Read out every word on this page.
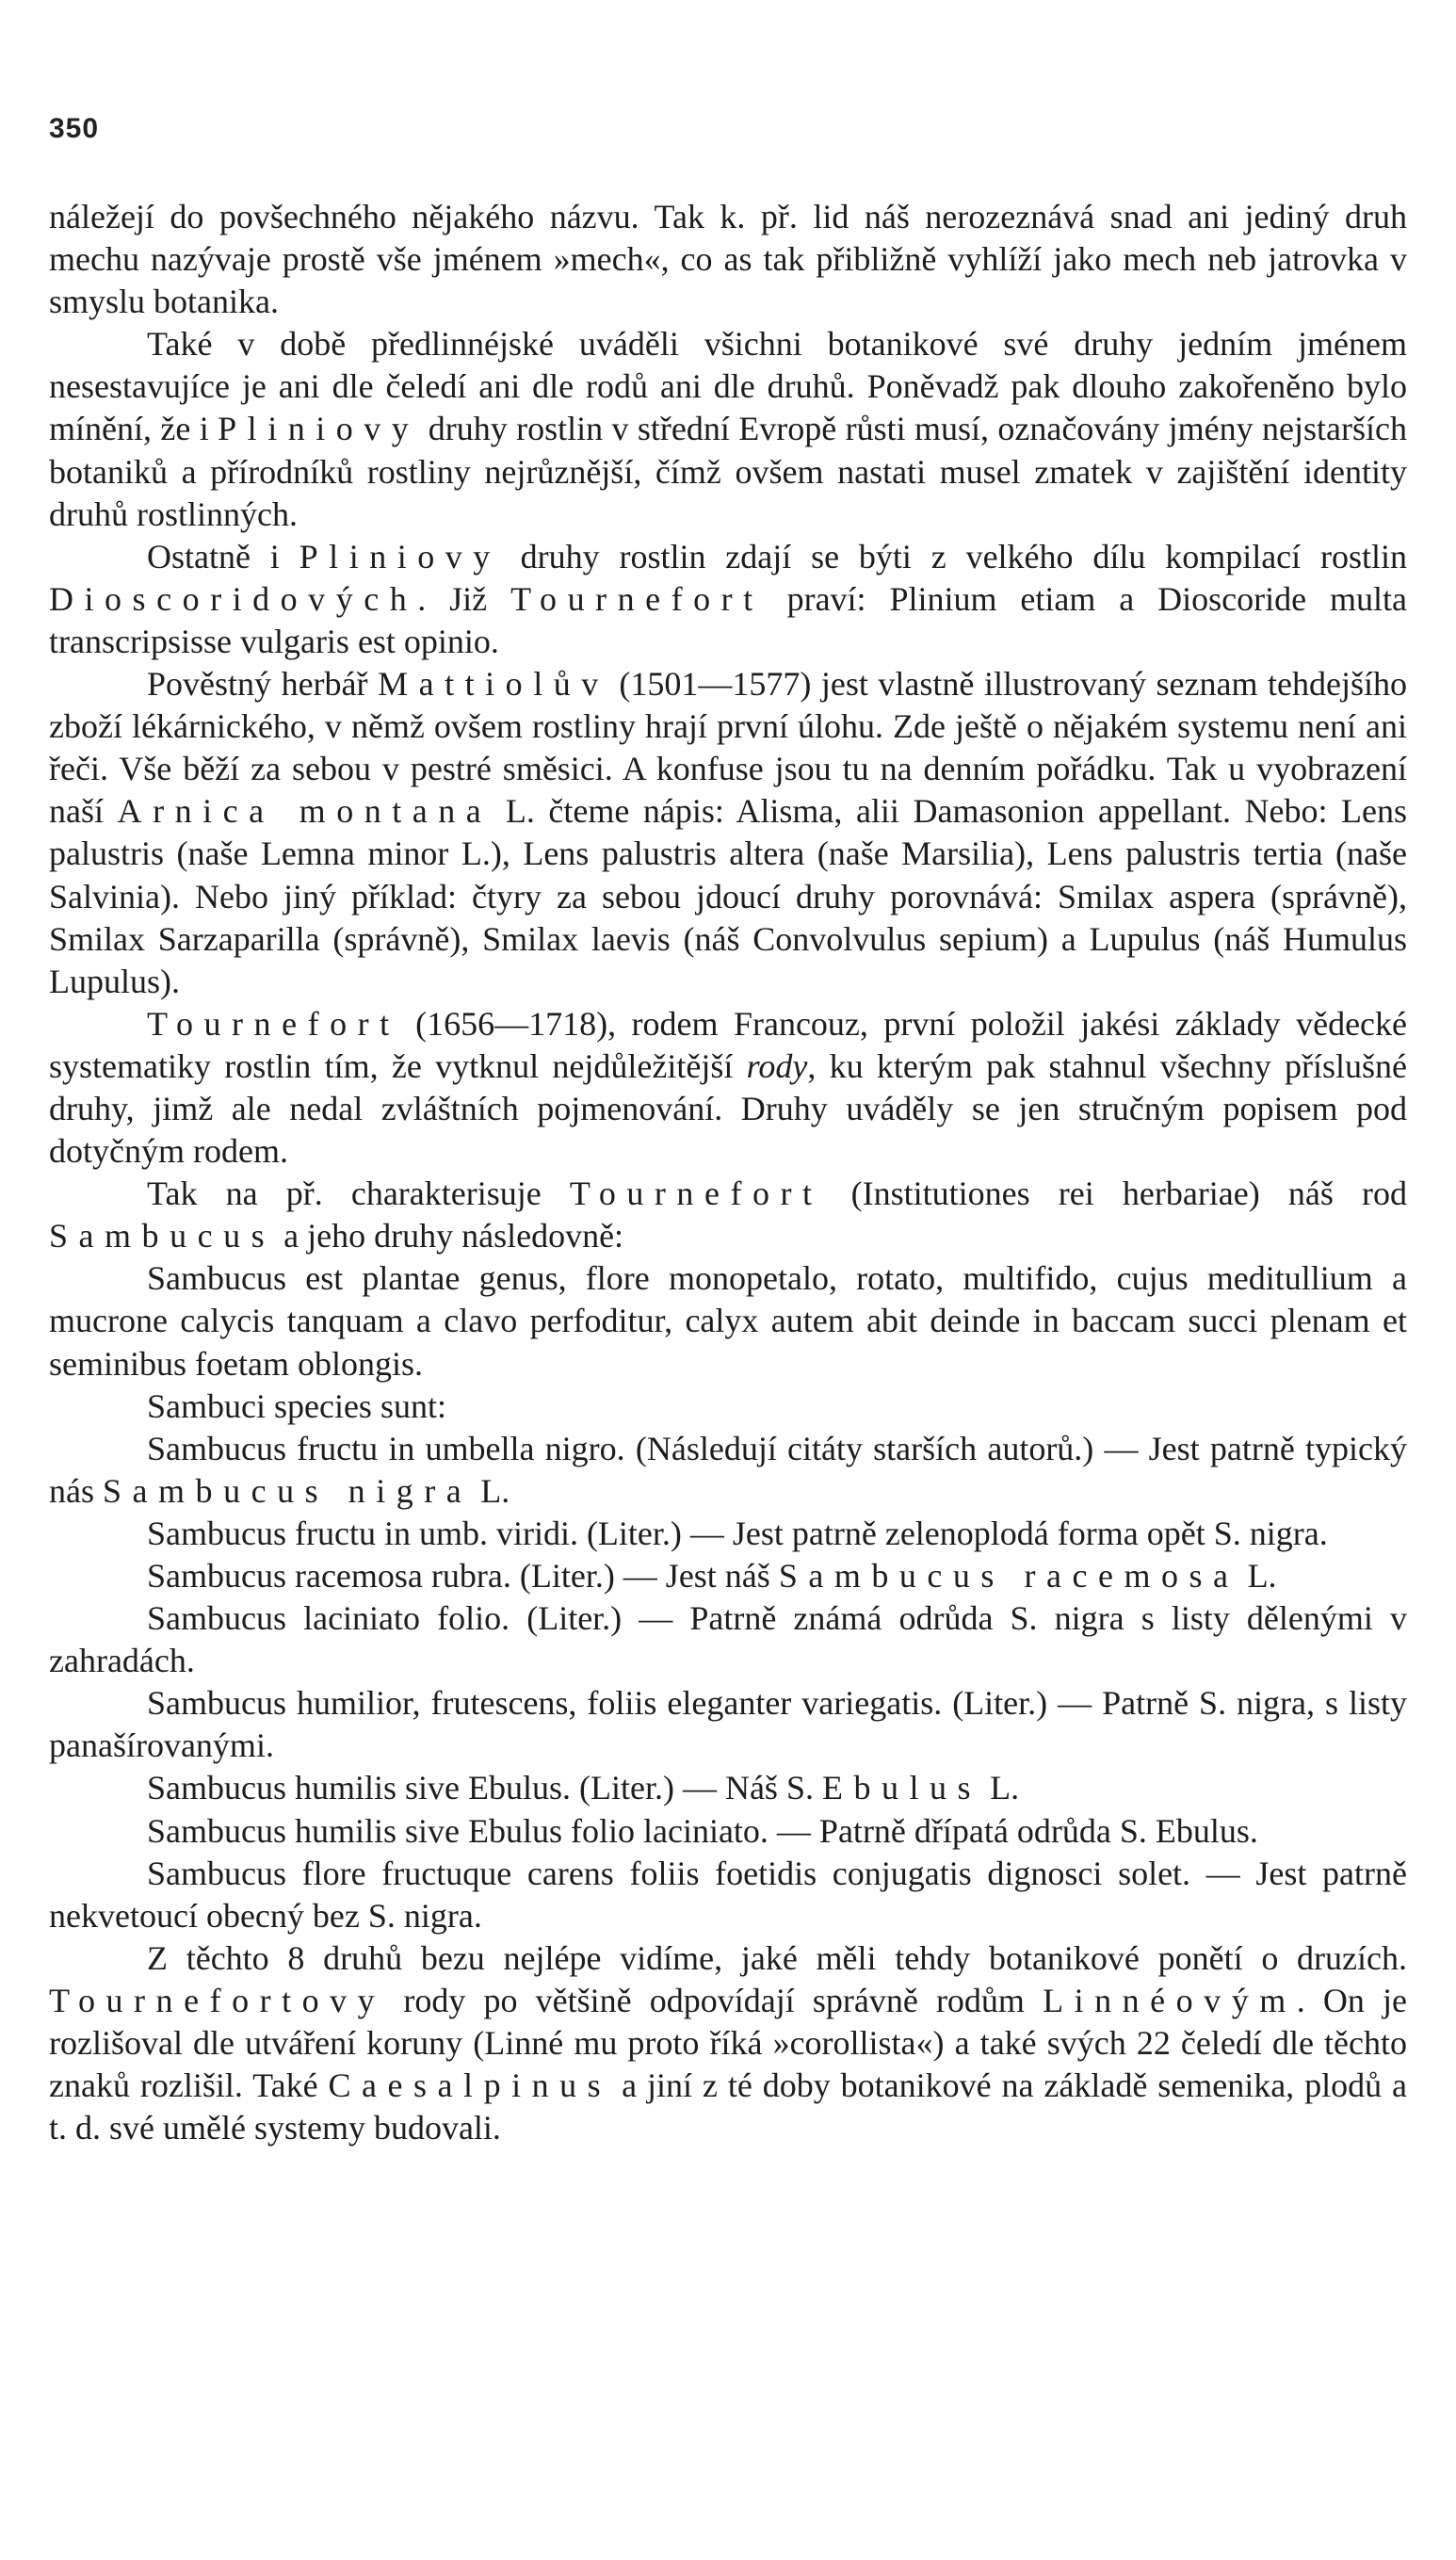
350

náležejí do povšechného nějakého názvu. Tak k. př. lid náš nerozeznává snad ani jediný druh mechu nazývaje prostě vše jménem »mech«, co as tak přibližně vyhlíží jako mech neb jatrovka v smyslu botanika.

Také v době předlinnéjské uváděli všichni botanikové své druhy jedním jménem nesestavujíce je ani dle čeledí ani dle rodů ani dle druhů. Poněvadž pak dlouho zakořeněno bylo mínění, že i Pliniovy druhy rostlin v střední Evropě růsti musí, označovány jmény nejstarších botaniků a přírodníků rostliny nejrůznější, čímž ovšem nastati musel zmatek v zajištění identity druhů rostlinných.

Ostatně i Pliniovy druhy rostlin zdají se býti z velkého dílu kompilací rostlin Dioscoridových. Již Tournefort praví: Plinium etiam a Dioscoride multa transcripsisse vulgaris est opinio.

Pověstný herbář Mattiolův (1501—1577) jest vlastně illustrovaný seznam tehdejšího zboží lékárnického, v němž ovšem rostliny hrají první úlohu. Zde ještě o nějakém systemu není ani řeči. Vše běží za sebou v pestré směsici. A konfuse jsou tu na denním pořádku. Tak u vyobrazení naší Arnica montana L. čteme nápis: Alisma, alii Damasonion appellant. Nebo: Lens palustris (naše Lemna minor L.), Lens palustris altera (naše Marsilia), Lens palustris tertia (naše Salvinia). Nebo jiný příklad: čtyry za sebou jdoucí druhy porovnává: Smilax aspera (správně), Smilax Sarzaparilla (správně), Smilax laevis (náš Convolvulus sepium) a Lupulus (náš Humulus Lupulus).

Tournefort (1656—1718), rodem Francouz, první položil jakési základy vědecké systematiky rostlin tím, že vytknul nejdůležitější rody, ku kterým pak stahnul všechny příslušné druhy, jimž ale nedal zvláštních pojmenování. Druhy uváděly se jen stručným popisem pod dotyčným rodem.

Tak na př. charakterisuje Tournefort (Institutiones rei herbariae) náš rod Sambucus a jeho druhy následovně:

Sambucus est plantae genus, flore monopetalo, rotato, multifido, cujus meditullium a mucrone calycis tanquam a clavo perfoditur, calyx autem abit deinde in baccam succi plenam et seminibus foetam oblongis.

Sambuci species sunt:

Sambucus fructu in umbella nigro. (Následují citáty starších autorů.) — Jest patrně typický nás Sambucus nigra L.

Sambucus fructu in umb. viridi. (Liter.) — Jest patrně zelenoplodá forma opět S. nigra.

Sambucus racemosa rubra. (Liter.) — Jest náš Sambucus racemosa L.

Sambucus laciniato folio. (Liter.) — Patrně známá odrůda S. nigra s listy dělenými v zahradách.

Sambucus humilior, frutescens, foliis eleganter variegatis. (Liter.) — Patrně S. nigra, s listy panašírovanými.

Sambucus humilis sive Ebulus. (Liter.) — Náš S. Ebulus L.

Sambucus humilis sive Ebulus folio laciniato. — Patrně dřípatá odrůda S. Ebulus.

Sambucus flore fructuque carens foliis foetidis conjugatis dignosci solet. — Jest patrně nekvetoucí obecný bez S. nigra.

Z těchto 8 druhů bezu nejlépe vidíme, jaké měli tehdy botanikové ponětí o druzích. Tournefortovy rody po většině odpovídají správně rodům Linnéovým. On je rozlišoval dle utváření koruny (Linné mu proto říká »corollista«) a také svých 22 čeledí dle těchto znaků rozlišil. Také Caesalpinus a jiní z té doby botanikové na základě semenika, plodů a t. d. své umělé systemy budovali.
